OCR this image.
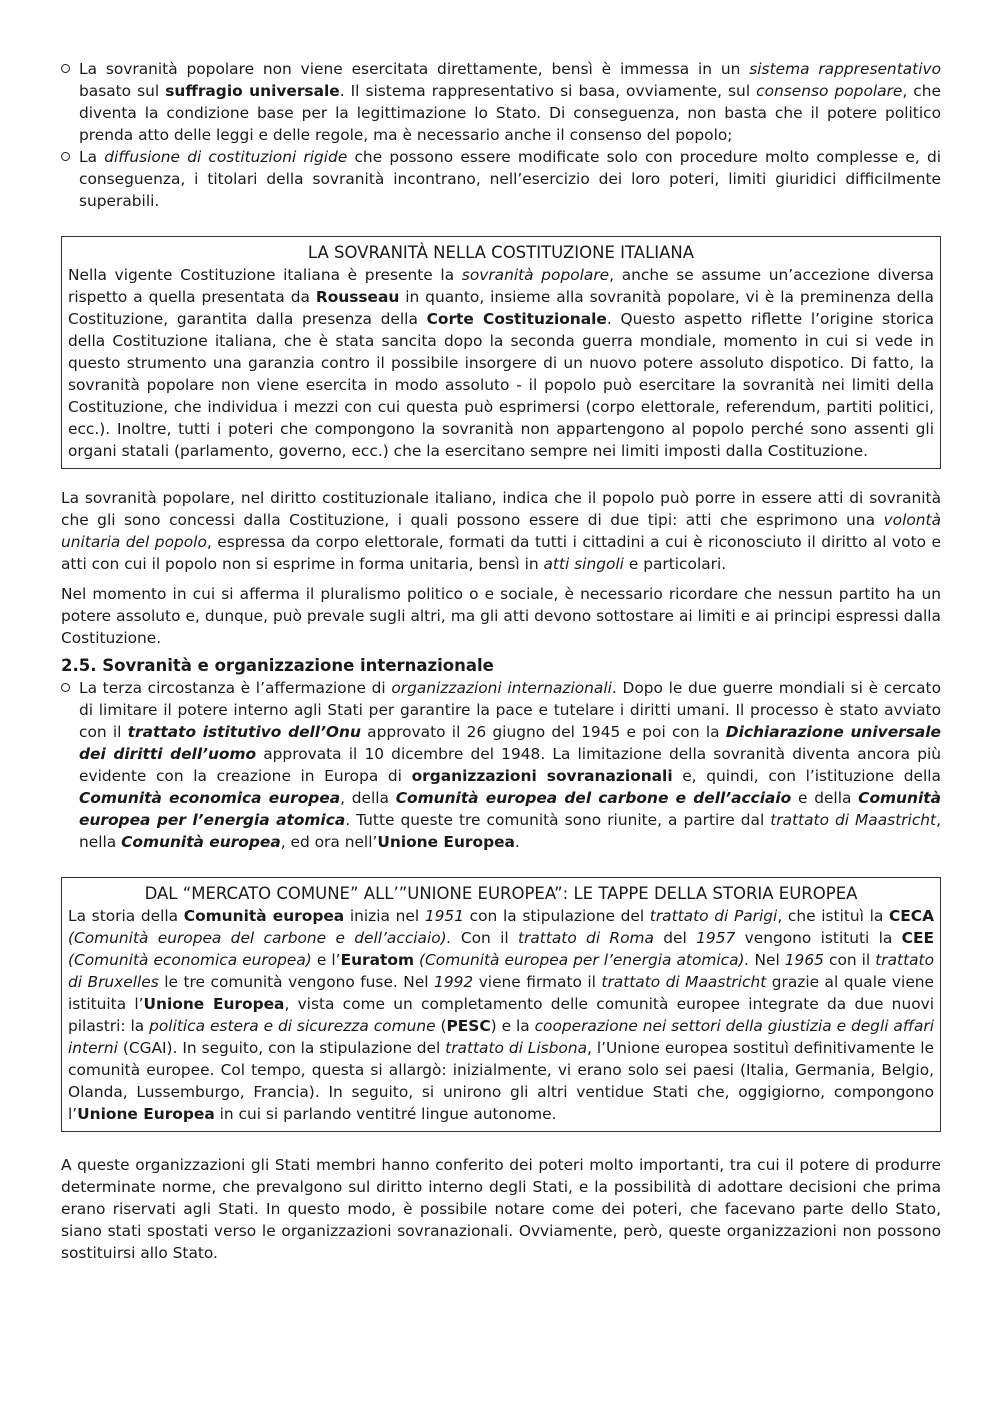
La sovranità popolare non viene esercitata direttamente, bensì è immessa in un sistema rappresentativo basato sul suffragio universale. Il sistema rappresentativo si basa, ovviamente, sul consenso popolare, che diventa la condizione base per la legittimazione lo Stato. Di conseguenza, non basta che il potere politico prenda atto delle leggi e delle regole, ma è necessario anche il consenso del popolo;
La diffusione di costituzioni rigide che possono essere modificate solo con procedure molto complesse e, di conseguenza, i titolari della sovranità incontrano, nell’esercizio dei loro poteri, limiti giuridici difficilmente superabili.
LA SOVRANITÀ NELLA COSTITUZIONE ITALIANA

Nella vigente Costituzione italiana è presente la sovranità popolare, anche se assume un’accezione diversa rispetto a quella presentata da Rousseau in quanto, insieme alla sovranità popolare, vi è la preminenza della Costituzione, garantita dalla presenza della Corte Costituzionale. Questo aspetto riflette l’origine storica della Costituzione italiana, che è stata sancita dopo la seconda guerra mondiale, momento in cui si vede in questo strumento una garanzia contro il possibile insorgere di un nuovo potere assoluto dispotico. Di fatto, la sovranità popolare non viene esercita in modo assoluto - il popolo può esercitare la sovranità nei limiti della Costituzione, che individua i mezzi con cui questa può esprimersi (corpo elettorale, referendum, partiti politici, ecc.). Inoltre, tutti i poteri che compongono la sovranità non appartengono al popolo perché sono assenti gli organi statali (parlamento, governo, ecc.) che la esercitano sempre nei limiti imposti dalla Costituzione.

La sovranità popolare, nel diritto costituzionale italiano, indica che il popolo può porre in essere atti di sovranità che gli sono concessi dalla Costituzione, i quali possono essere di due tipi: atti che esprimono una volontà unitaria del popolo, espressa da corpo elettorale, formati da tutti i cittadini a cui è riconosciuto il diritto al voto e atti con cui il popolo non si esprime in forma unitaria, bensì in atti singoli e particolari.

Nel momento in cui si afferma il pluralismo politico o e sociale, è necessario ricordare che nessun partito ha un potere assoluto e, dunque, può prevale sugli altri, ma gli atti devono sottostare ai limiti e ai principi espressi dalla Costituzione.

2.5. Sovranità e organizzazione internazionale
La terza circostanza è l’affermazione di organizzazioni internazionali. Dopo le due guerre mondiali si è cercato di limitare il potere interno agli Stati per garantire la pace e tutelare i diritti umani. Il processo è stato avviato con il trattato istitutivo dell’Onu approvato il 26 giugno del 1945 e poi con la Dichiarazione universale dei diritti dell’uomo approvata il 10 dicembre del 1948. La limitazione della sovranità diventa ancora più evidente con la creazione in Europa di organizzazioni sovranazionali e, quindi, con l’istituzione della Comunità economica europea, della Comunità europea del carbone e dell’acciaio e della Comunità europea per l’energia atomica. Tutte queste tre comunità sono riunite, a partire dal trattato di Maastricht, nella Comunità europea, ed ora nell’Unione Europea.
DAL “MERCATO COMUNE” ALL’”UNIONE EUROPEA”: LE TAPPE DELLA STORIA EUROPEA

La storia della Comunità europea inizia nel 1951 con la stipulazione del trattato di Parigi, che istituì la CECA (Comunità europea del carbone e dell’acciaio). Con il trattato di Roma del 1957 vengono istituti la CEE (Comunità economica europea) e l’Euratom (Comunità europea per l’energia atomica). Nel 1965 con il trattato di Bruxelles le tre comunità vengono fuse. Nel 1992 viene firmato il trattato di Maastricht grazie al quale viene istituita l’Unione Europea, vista come un completamento delle comunità europee integrate da due nuovi pilastri: la politica estera e di sicurezza comune (PESC) e la cooperazione nei settori della giustizia e degli affari interni (CGAI). In seguito, con la stipulazione del trattato di Lisbona, l’Unione europea sostituì definitivamente le comunità europee. Col tempo, questa si allargò: inizialmente, vi erano solo sei paesi (Italia, Germania, Belgio, Olanda, Lussemburgo, Francia). In seguito, si unirono gli altri ventidue Stati che, oggigiorno, compongono l’Unione Europea in cui si parlando ventitré lingue autonome.

A queste organizzazioni gli Stati membri hanno conferito dei poteri molto importanti, tra cui il potere di produrre determinate norme, che prevalgono sul diritto interno degli Stati, e la possibilità di adottare decisioni che prima erano riservati agli Stati. In questo modo, è possibile notare come dei poteri, che facevano parte dello Stato, siano stati spostati verso le organizzazioni sovranazionali. Ovviamente, però, queste organizzazioni non possono sostituirsi allo Stato.
